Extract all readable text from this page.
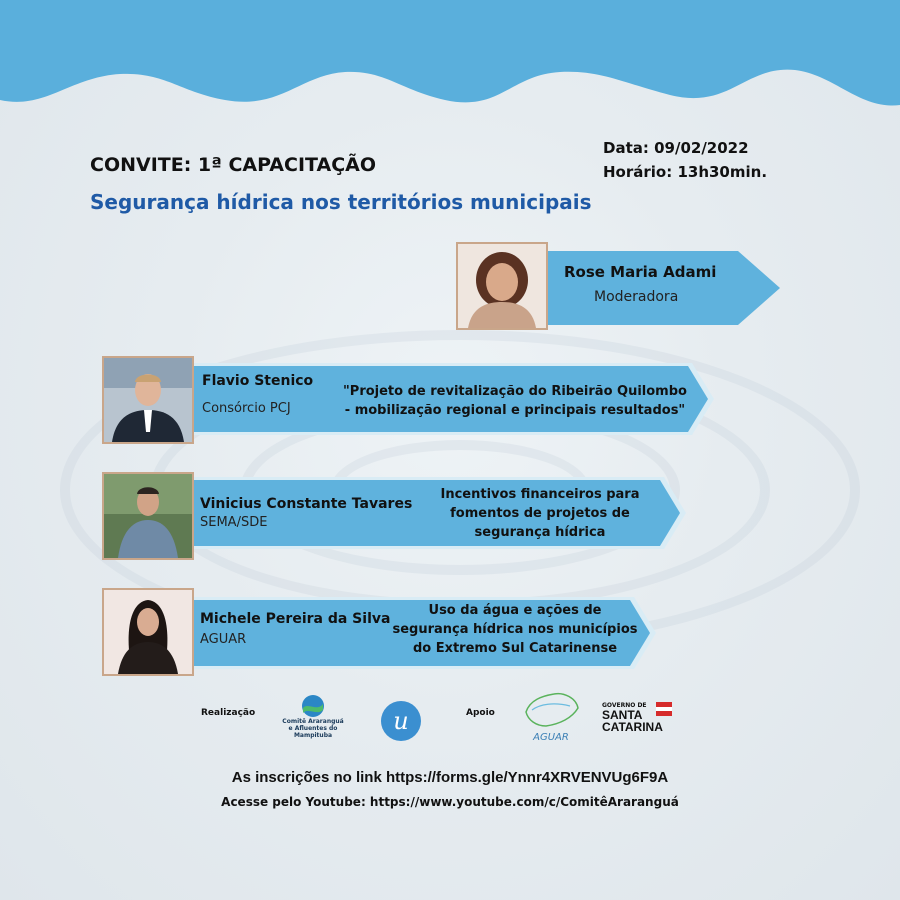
CONVITE: 1ª CAPACITAÇÃO
Segurança hídrica nos territórios municipais
Data: 09/02/2022
Horário: 13h30min.
Rose Maria Adami
Moderadora
Flavio Stenico
Consórcio PCJ
"Projeto de revitalização do Ribeirão Quilombo
- mobilização regional e principais resultados"
Vinicius Constante Tavares
SEMA/SDE
Incentivos financeiros para
fomentos de projetos de
segurança hídrica
Michele Pereira da Silva
AGUAR
Uso da água e ações de
segurança hídrica nos municípios
do Extremo Sul Catarinense
Realização
Comitê Araranguá
e Afluentes do
Mampituba
u	Apoio
AGUAR
GOVERNO DE
SANTA
CATARINA
As inscrições no link https://forms.gle/Ynnr4XRVENVUg6F9A
Acesse pelo Youtube: https://www.youtube.com/c/ComitêAraranguá
